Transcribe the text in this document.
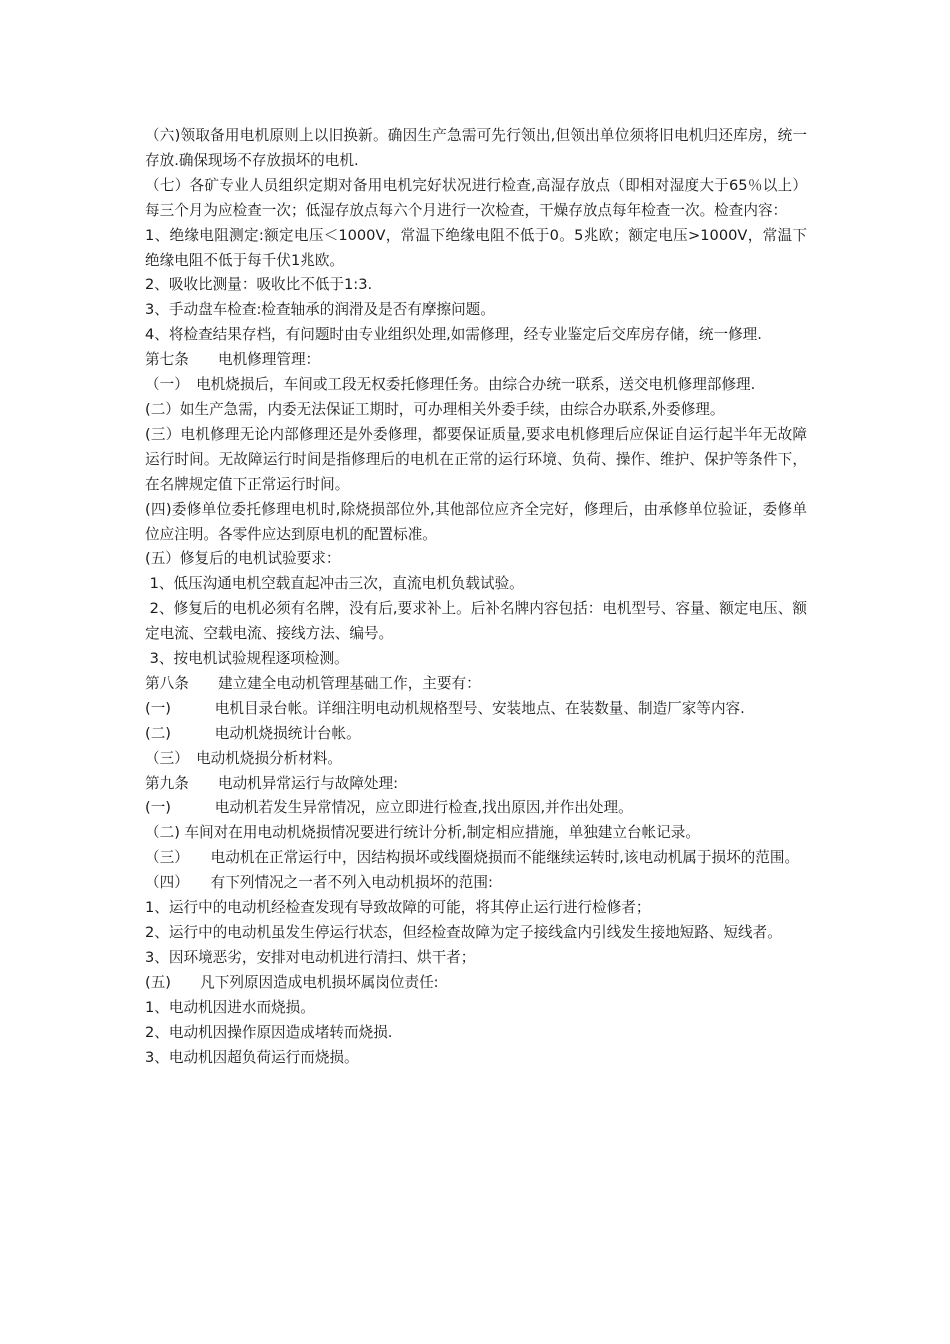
（六)领取备用电机原则上以旧换新。确因生产急需可先行领出,但领出单位须将旧电机归还库房，统一存放.确保现场不存放损坏的电机.

（七）各矿专业人员组织定期对备用电机完好状况进行检查,高湿存放点（即相对湿度大于65％以上）每三个月为应检查一次；低湿存放点每六个月进行一次检查，干燥存放点每年检查一次。检查内容：

1、绝缘电阻测定:额定电压＜1000V，常温下绝缘电阻不低于0。5兆欧；额定电压>1000V，常温下绝缘电阻不低于每千伏1兆欧。

2、吸收比测量：吸收比不低于1:3.

3、手动盘车检查:检查轴承的润滑及是否有摩擦问题。

4、将检查结果存档，有问题时由专业组织处理,如需修理，经专业鉴定后交库房存储，统一修理.

第七条　　电机修理管理：

（一）　电机烧损后，车间或工段无权委托修理任务。由综合办统一联系，送交电机修理部修理.

(二）如生产急需，内委无法保证工期时，可办理相关外委手续，由综合办联系,外委修理。

(三）电机修理无论内部修理还是外委修理，都要保证质量,要求电机修理后应保证自运行起半年无故障运行时间。无故障运行时间是指修理后的电机在正常的运行环境、负荷、操作、维护、保护等条件下，在名牌规定值下正常运行时间。

(四)委修单位委托修理电机时,除烧损部位外,其他部位应齐全完好，修理后，由承修单位验证，委修单位应注明。各零件应达到原电机的配置标准。

(五）修复后的电机试验要求：

1、低压沟通电机空载直起冲击三次，直流电机负载试验。

2、修复后的电机必须有名牌，没有后,要求补上。后补名牌内容包括：电机型号、容量、额定电压、额定电流、空载电流、接线方法、编号。

3、按电机试验规程逐项检测。

第八条　　建立建全电动机管理基础工作，主要有：

(一)　　　电机目录台帐。详细注明电动机规格型号、安装地点、在装数量、制造厂家等内容.

(二)　　　电动机烧损统计台帐。

（三）　电动机烧损分析材料。

第九条　　电动机异常运行与故障处理:

(一)　　　电动机若发生异常情况，应立即进行检查,找出原因,并作出处理。

（二) 车间对在用电动机烧损情况要进行统计分析,制定相应措施，单独建立台帐记录。

（三）　　电动机在正常运行中，因结构损坏或线圈烧损而不能继续运转时,该电动机属于损坏的范围。

（四）　　有下列情况之一者不列入电动机损坏的范围:

1、运行中的电动机经检查发现有导致故障的可能，将其停止运行进行检修者；

2、运行中的电动机虽发生停运行状态，但经检查故障为定子接线盒内引线发生接地短路、短线者。

3、因环境恶劣，安排对电动机进行清扫、烘干者；

(五)　　凡下列原因造成电机损坏属岗位责任:

1、电动机因进水而烧损。

2、电动机因操作原因造成堵转而烧损.

3、电动机因超负荷运行而烧损。
